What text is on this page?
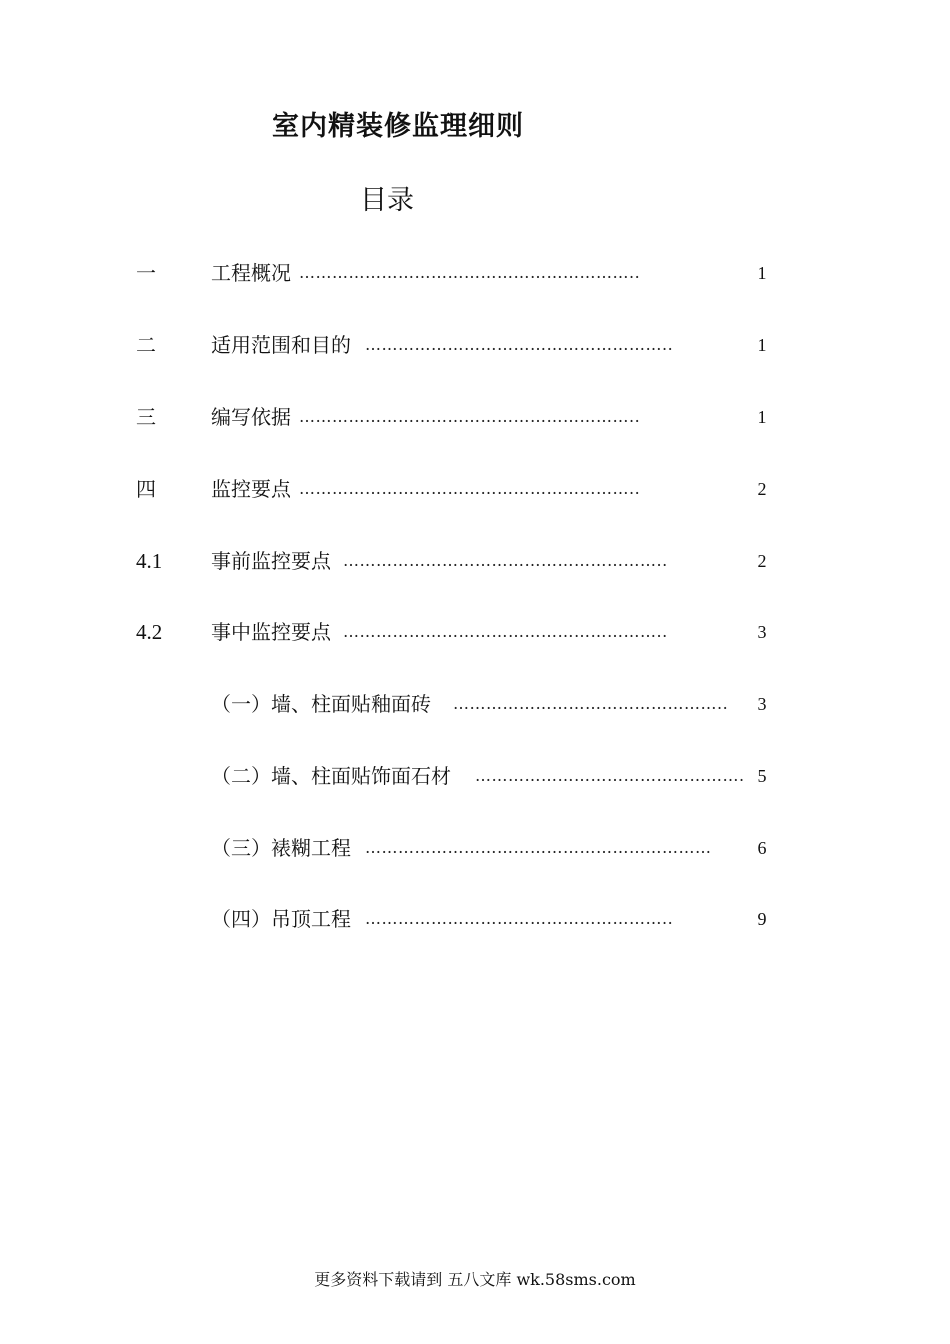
室内精装修监理细则
目录
一	工程概况 ……………………………………………………..	1
二	适用范围和目的 ………………………………………………..	1
三	编写依据 ……………………………………………………..	1
四	监控要点 ……………………………………………………..	2
4.1 事前监控要点 …………………………………………………..	2
4.2 事中监控要点 …………………………………………………..	3
（一）墙、柱面贴釉面砖 …………………………………………..	3
（二）墙、柱面贴饰面石材 …………………………………………. 5
（三）裱糊工程 ………………………………………………………	6
（四）吊顶工程 ………………………………………………..	9
更多资料下载请到 五八文库 wk.58sms.com
